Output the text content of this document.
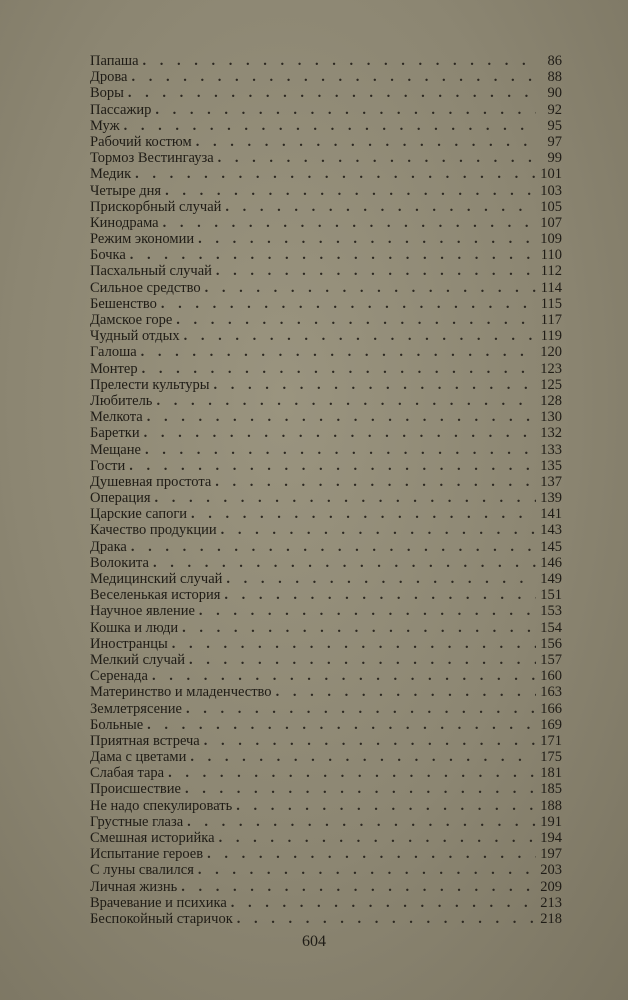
Папаша . . .	86
Дрова . . .	88
Воры . . .	90
Пассажир . . .	92
Муж . . .	95
Рабочий костюм . . .	97
Тормоз Вестингауза . . .	99
Медик . . .	101
Четыре дня . . .	103
Прискорбный случай . . .	105
Кинодрама . . .	107
Режим экономии . . .	109
Бочка . . .	110
Пасхальный случай . . .	112
Сильное средство . . .	114
Бешенство . . .	115
Дамское горе . . .	117
Чудный отдых . . .	119
Галоша . . .	120
Монтер . . .	123
Прелести культуры . . .	125
Любитель . . .	128
Мелкота . . .	130
Баретки . . .	132
Мещане . . .	133
Гости . . .	135
Душевная простота . . .	137
Операция . . .	139
Царские сапоги . . .	141
Качество продукции . . .	143
Драка . . .	145
Волокита . . .	146
Медицинский случай . . .	149
Веселенькая история . . .	151
Научное явление . . .	153
Кошка и люди . . .	154
Иностранцы . . .	156
Мелкий случай . . .	157
Серенада . . .	160
Материнство и младенчество . . .	163
Землетрясение . . .	166
Больные . . .	169
Приятная встреча . . .	171
Дама с цветами . . .	175
Слабая тара . . .	181
Происшествие . . .	185
Не надо спекулировать . . .	188
Грустные глаза . . .	191
Смешная историйка . . .	194
Испытание героев . . .	197
С луны свалился . . .	203
Личная жизнь . . .	209
Врачевание и психика . . .	213
Беспокойный старичок . . .	218
604
